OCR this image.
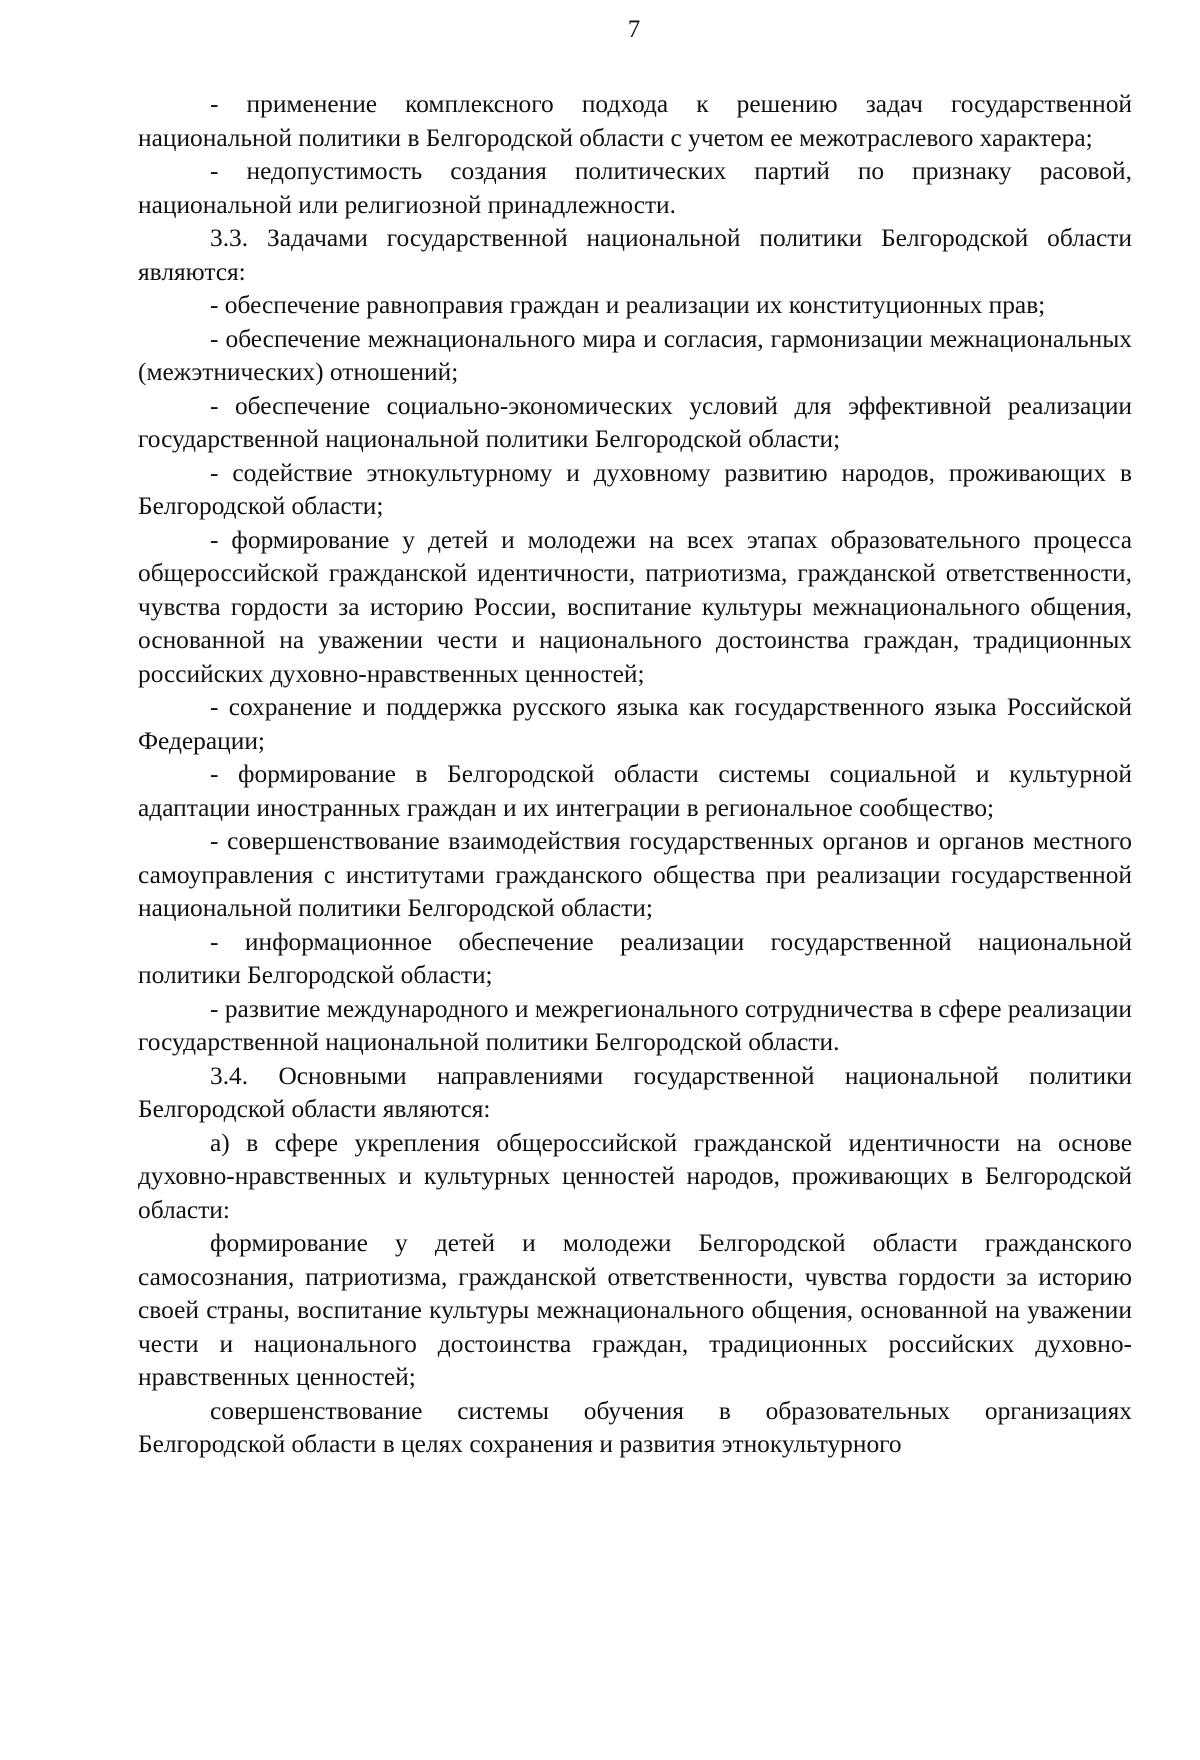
7

- применение комплексного подхода к решению задач государственной национальной политики в Белгородской области с учетом ее межотраслевого характера;

- недопустимость создания политических партий по признаку расовой, национальной или религиозной принадлежности.

3.3. Задачами государственной национальной политики Белгородской области являются:

- обеспечение равноправия граждан и реализации их конституционных прав;

- обеспечение межнационального мира и согласия, гармонизации межнациональных (межэтнических) отношений;

- обеспечение социально-экономических условий для эффективной реализации государственной национальной политики Белгородской области;

- содействие этнокультурному и духовному развитию народов, проживающих в Белгородской области;

- формирование у детей и молодежи на всех этапах образовательного процесса общероссийской гражданской идентичности, патриотизма, гражданской ответственности, чувства гордости за историю России, воспитание культуры межнационального общения, основанной на уважении чести и национального достоинства граждан, традиционных российских духовно-нравственных ценностей;

- сохранение и поддержка русского языка как государственного языка Российской Федерации;

- формирование в Белгородской области системы социальной и культурной адаптации иностранных граждан и их интеграции в региональное сообщество;

- совершенствование взаимодействия государственных органов и органов местного самоуправления с институтами гражданского общества при реализации государственной национальной политики Белгородской области;

- информационное обеспечение реализации государственной национальной политики Белгородской области;

- развитие международного и межрегионального сотрудничества в сфере реализации государственной национальной политики Белгородской области.

3.4. Основными направлениями государственной национальной политики Белгородской области являются:

а) в сфере укрепления общероссийской гражданской идентичности на основе духовно-нравственных и культурных ценностей народов, проживающих в Белгородской области:

формирование у детей и молодежи Белгородской области гражданского самосознания, патриотизма, гражданской ответственности, чувства гордости за историю своей страны, воспитание культуры межнационального общения, основанной на уважении чести и национального достоинства граждан, традиционных российских духовно-нравственных ценностей;

совершенствование системы обучения в образовательных организациях Белгородской области в целях сохранения и развития этнокультурного
